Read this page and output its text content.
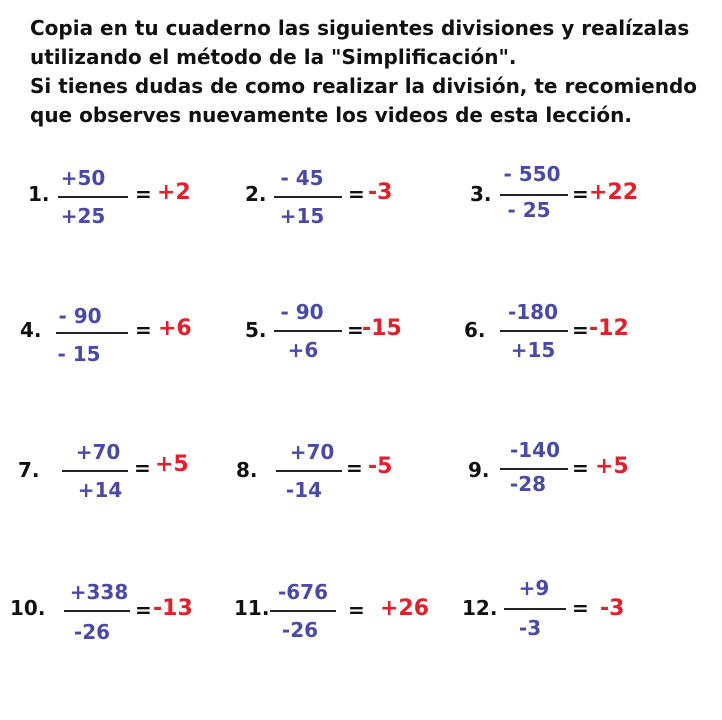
Copia en tu cuaderno las siguientes divisiones y realízalas
utilizando el método de la "Simplificación".
Si tienes dudas de como realizar la división, te recomiendo
que observes nuevamente los videos de esta lección.
1.
+50
+25
= +2	2.
- 45
+15
= -3	3.
- 550
- 25
= +22
4.
- 90
- 15
= +6	5.
- 90
+6
=
-15	6.
-180
+15
= -12
7.
+70
+14
= +5 8.
+70
-14
= -5	9.
-140
-28
= +5
10.
+338
-26
= -13 11.
-676
-26
= +26 12.
+9
-3
= -3
